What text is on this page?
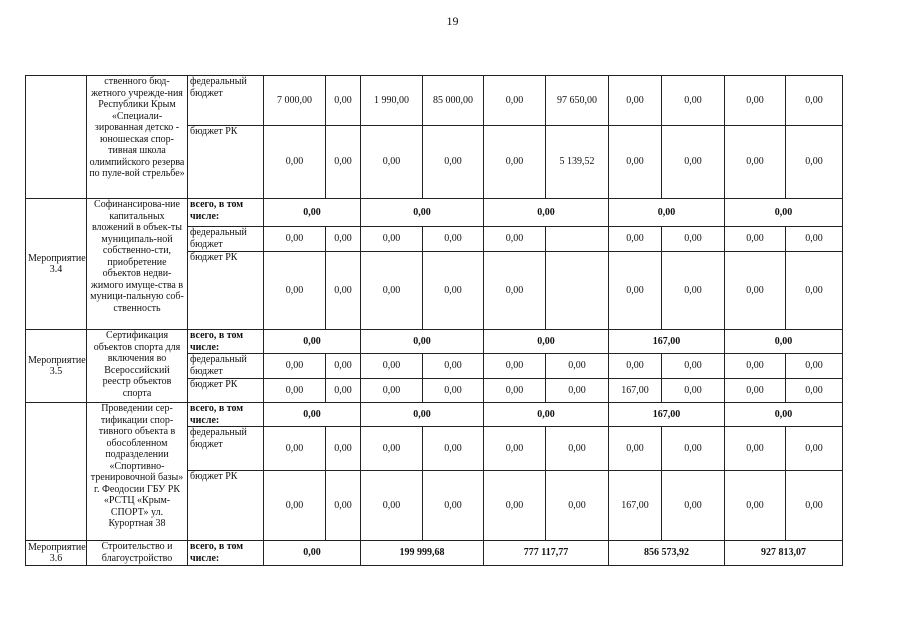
19
	ственного бюд-жетного учрежде-ния Республики Крым «Специали-зированная детско - юношеская спор-тивная школа олимпийского резерва по пуле-вой стрельбе»	федеральный бюджет	7 000,00	0,00	1 990,00	85 000,00	0,00	97 650,00	0,00	0,00	0,00	0,00
		бюджет РК	0,00	0,00	0,00	0,00	0,00	5 139,52	0,00	0,00	0,00	0,00
Мероприятие 3.4	Софинансирова-ние капитальных вложений в объек-ты муниципаль-ной собственно-сти, приобретение объектов недви-жимого имуще-ства в муници-пальную соб-ственность	всего, в том числе:	0,00		0,00		0,00		0,00		0,00	
		федеральный бюджет	0,00	0,00	0,00	0,00	0,00		0,00	0,00	0,00	0,00
		бюджет РК	0,00	0,00	0,00	0,00	0,00		0,00	0,00	0,00	0,00
Мероприятие 3.5	Сертификация объектов спорта для включения во Всероссийский реестр объектов спорта	всего, в том числе:	0,00		0,00		0,00		167,00		0,00	
		федеральный бюджет	0,00	0,00	0,00	0,00	0,00	0,00	0,00	0,00	0,00	0,00
		бюджет РК	0,00	0,00	0,00	0,00	0,00	0,00	167,00	0,00	0,00	0,00
	Проведении сер-тификации спор-тивного объекта в обособленном подразделении «Спортивно-тренировочной базы» г. Феодосии ГБУ РК «РСТЦ «Крым-СПОРТ» ул. Курортная 38	всего, в том числе:	0,00		0,00		0,00		167,00		0,00	
		федеральный бюджет	0,00	0,00	0,00	0,00	0,00	0,00	0,00	0,00	0,00	0,00
		бюджет РК	0,00	0,00	0,00	0,00	0,00	0,00	167,00	0,00	0,00	0,00
Мероприятие 3.6	Строительство и благоустройство	всего, в том числе:	0,00		199 999,68		777 117,77		856 573,92		927 813,07	
